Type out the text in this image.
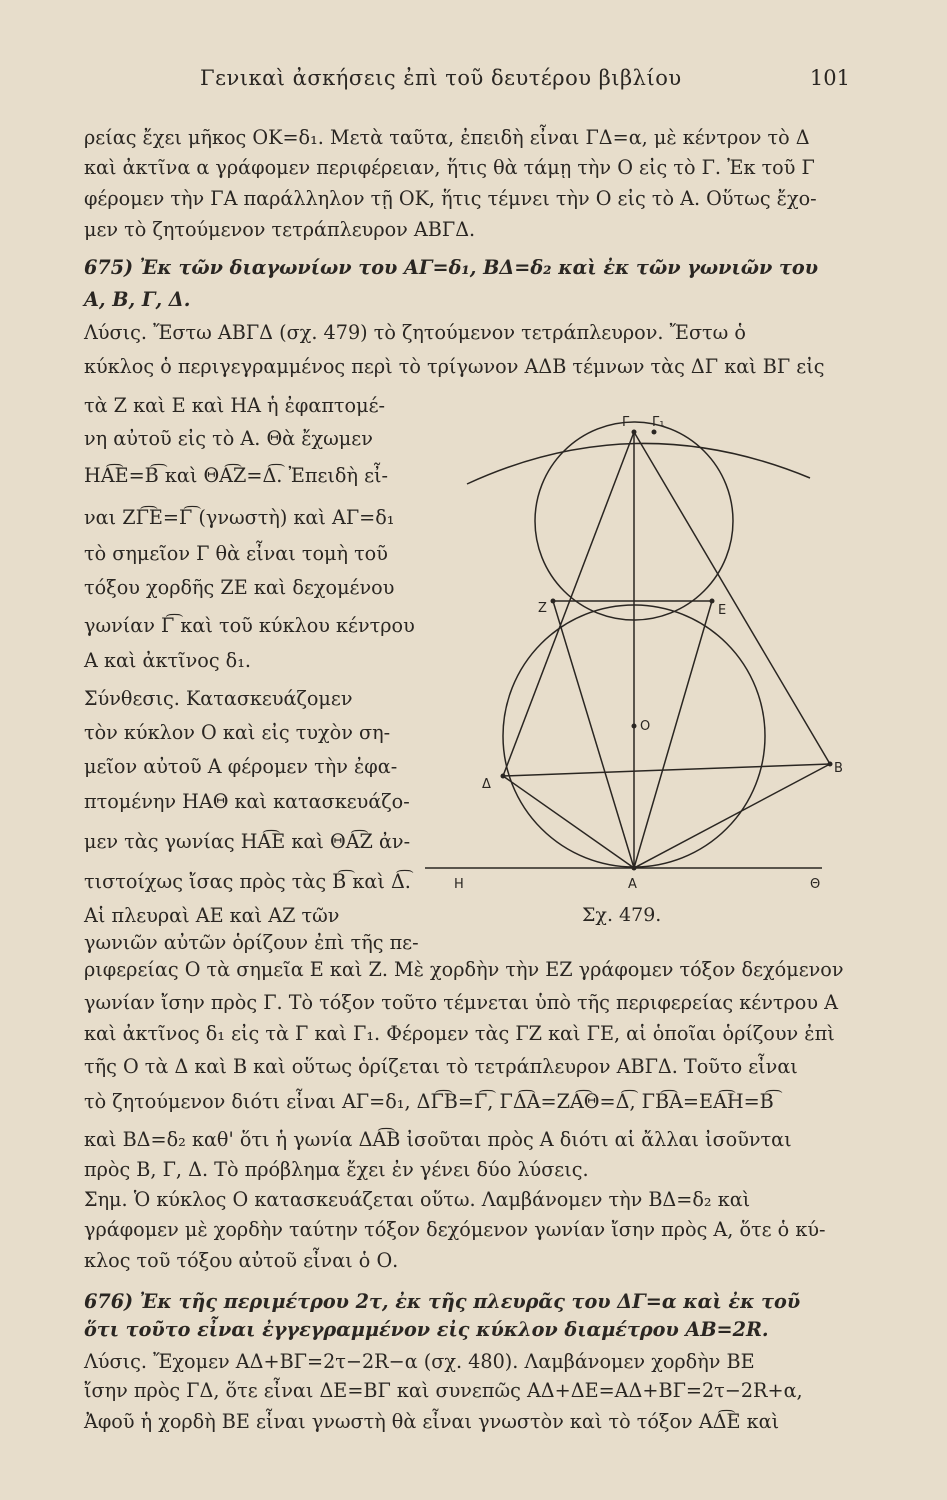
Γενικαὶ ἀσκήσεις ἐπὶ τοῦ δευτέρου βιβλίου	101
ρείας ἔχει μῆκος ΟΚ=δ₁. Μετὰ ταῦτα, ἐπειδὴ εἶναι ΓΔ=α, μὲ κέντρον τὸ Δ
καὶ ἀκτῖνα α γράφομεν περιφέρειαν, ἥτις θὰ τάμῃ τὴν Ο εἰς τὸ Γ. Ἐκ τοῦ Γ
φέρομεν τὴν ΓΑ παράλληλον τῇ ΟΚ, ἥτις τέμνει τὴν Ο εἰς τὸ Α. Οὕτως ἔχο-
μεν τὸ ζητούμενον τετράπλευρον ΑΒΓΔ.
675) Ἐκ τῶν διαγωνίων του ΑΓ=δ₁, ΒΔ=δ₂ καὶ ἐκ τῶν γωνιῶν του
Α, Β, Γ, Δ.
Λύσις. Ἔστω ΑΒΓΔ (σχ. 479) τὸ ζητούμενον τετράπλευρον. Ἔστω ὁ
κύκλος ὁ περιγεγραμμένος περὶ τὸ τρίγωνον ΑΔΒ τέμνων τὰς ΔΓ καὶ ΒΓ εἰς
τὰ Ζ καὶ Ε καὶ ΗΑ ἡ ἐφαπτομέ-
νη αὐτοῦ εἰς τὸ Α. Θὰ ἔχωμεν
ΗΑ͡Ε=Β͡ καὶ ΘΑ͡Ζ=Δ͡. Ἐπειδὴ εἶ-
ναι ΖΓ͡Ε=Γ͡ (γνωστὴ) καὶ ΑΓ=δ₁
τὸ σημεῖον Γ θὰ εἶναι τομὴ τοῦ
τόξου χορδῆς ΖΕ καὶ δεχομένου
γωνίαν Γ͡ καὶ τοῦ κύκλου κέντρου
Α καὶ ἀκτῖνος δ₁.
Σύνθεσις. Κατασκευάζομεν
τὸν κύκλον Ο καὶ εἰς τυχὸν ση-
μεῖον αὐτοῦ Α φέρομεν τὴν ἐφα-
πτομένην ΗΑΘ καὶ κατασκευάζο-
μεν τὰς γωνίας ΗΑ͡Ε καὶ ΘΑ͡Ζ ἀν-
τιστοίχως ἴσας πρὸς τὰς Β͡ καὶ Δ͡.
Αἱ πλευραὶ ΑΕ καὶ ΑΖ τῶν
γωνιῶν αὐτῶν ὁρίζουν ἐπὶ τῆς πε-
ριφερείας Ο τὰ σημεῖα Ε καὶ Ζ. Μὲ χορδὴν τὴν ΕΖ γράφομεν τόξον δεχόμενον
γωνίαν ἴσην πρὸς Γ. Τὸ τόξον τοῦτο τέμνεται ὑπὸ τῆς περιφερείας κέντρου Α
καὶ ἀκτῖνος δ₁ εἰς τὰ Γ καὶ Γ₁. Φέρομεν τὰς ΓΖ καὶ ΓΕ, αἱ ὁποῖαι ὁρίζουν ἐπὶ
τῆς Ο τὰ Δ καὶ Β καὶ οὕτως ὁρίζεται τὸ τετράπλευρον ΑΒΓΔ. Τοῦτο εἶναι
τὸ ζητούμενον διότι εἶναι ΑΓ=δ₁, ΔΓ͡Β=Γ͡, ΓΔ͡Α=ΖΑ͡Θ=Δ͡, ΓΒ͡Α=ΕΑ͡Η=Β͡
καὶ ΒΔ=δ₂ καθ' ὅτι ἡ γωνία ΔΑ͡Β ἰσοῦται πρὸς Α διότι αἱ ἄλλαι ἰσοῦνται
πρὸς Β, Γ, Δ. Τὸ πρόβλημα ἔχει ἐν γένει δύο λύσεις.
Σημ. Ὁ κύκλος Ο κατασκευάζεται οὕτω. Λαμβάνομεν τὴν ΒΔ=δ₂ καὶ
γράφομεν μὲ χορδὴν ταύτην τόξον δεχόμενον γωνίαν ἴσην πρὸς Α, ὅτε ὁ κύ-
κλος τοῦ τόξου αὐτοῦ εἶναι ὁ Ο.
676) Ἐκ τῆς περιμέτρου 2τ, ἐκ τῆς πλευρᾶς του ΔΓ=α καὶ ἐκ τοῦ
ὅτι τοῦτο εἶναι ἐγγεγραμμένον εἰς κύκλον διαμέτρου ΑΒ=2R.
Λύσις. Ἔχομεν ΑΔ+ΒΓ=2τ−2R−α (σχ. 480). Λαμβάνομεν χορδὴν ΒΕ
ἴσην πρὸς ΓΔ, ὅτε εἶναι ΔΕ=ΒΓ καὶ συνεπῶς ΑΔ+ΔΕ=ΑΔ+ΒΓ=2τ−2R+α,
Ἀφοῦ ἡ χορδὴ ΒΕ εἶναι γνωστὴ θὰ εἶναι γνωστὸν καὶ τὸ τόξον ΑΔ͡Ε καὶ
Γ Γ₁
Ζ	Ε
Ο
Δ
Β
Η	Α	Θ
Σχ. 479.
